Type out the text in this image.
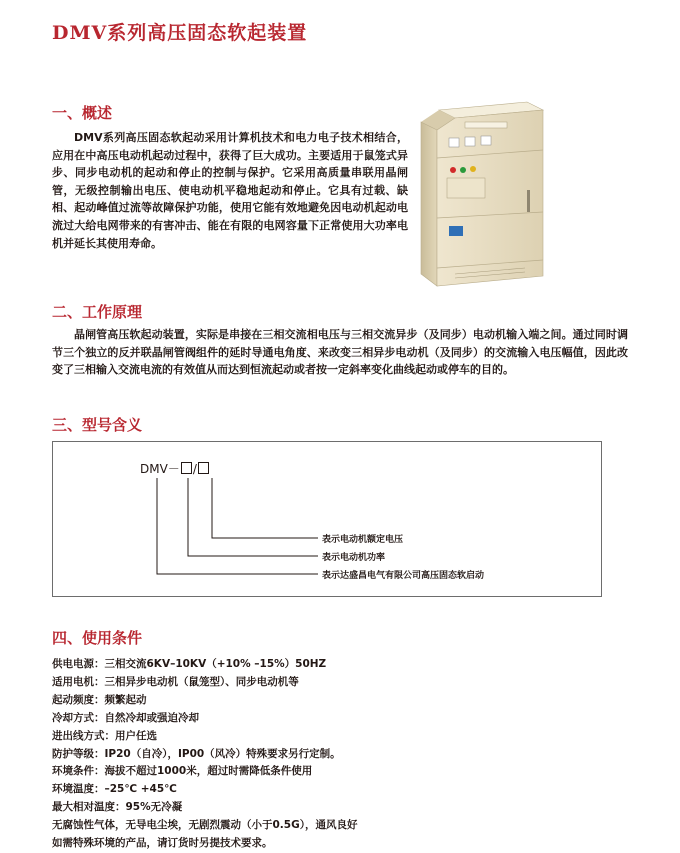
DMV系列高压固态软起装置
一、概述

DMV系列高压固态软起动采用计算机技术和电力电子技术相结合，应用在中高压电动机起动过程中，获得了巨大成功。主要适用于鼠笼式异步、同步电动机的起动和停止的控制与保护。它采用高质量串联用晶闸管，无级控制输出电压、使电动机平稳地起动和停止。它具有过载、缺相、起动峰值过流等故障保护功能，使用它能有效地避免因电动机起动电流过大给电网带来的有害冲击、能在有限的电网容量下正常使用大功率电机并延长其使用寿命。

二、工作原理

晶闸管高压软起动装置，实际是串接在三相交流相电压与三相交流异步（及同步）电动机输入端之间。通过同时调节三个独立的反并联晶闸管阀组件的延时导通电角度、来改变三相异步电动机（及同步）的交流输入电压幅值，因此改变了三相输入交流电流的有效值从而达到恒流起动或者按一定斜率变化曲线起动或停车的目的。

三、型号含义
DMV－ /
表示电动机额定电压
表示电动机功率
表示达盛昌电气有限公司高压固态软启动
四、使用条件
供电电源：三相交流6KV–10KV（+10% –15%）50HZ
适用电机：三相异步电动机（鼠笼型）、同步电动机等
起动频度：频繁起动
冷却方式：自然冷却或强迫冷却
进出线方式：用户任选
防护等级：IP20（自冷），IP00（风冷）特殊要求另行定制。
环境条件：海拔不超过1000米，超过时需降低条件使用
环境温度：–25℃ +45℃
最大相对温度：95%无冷凝
无腐蚀性气体，无导电尘埃，无剧烈震动（小于0.5G），通风良好
如需特殊环境的产品，请订货时另提技术要求。
